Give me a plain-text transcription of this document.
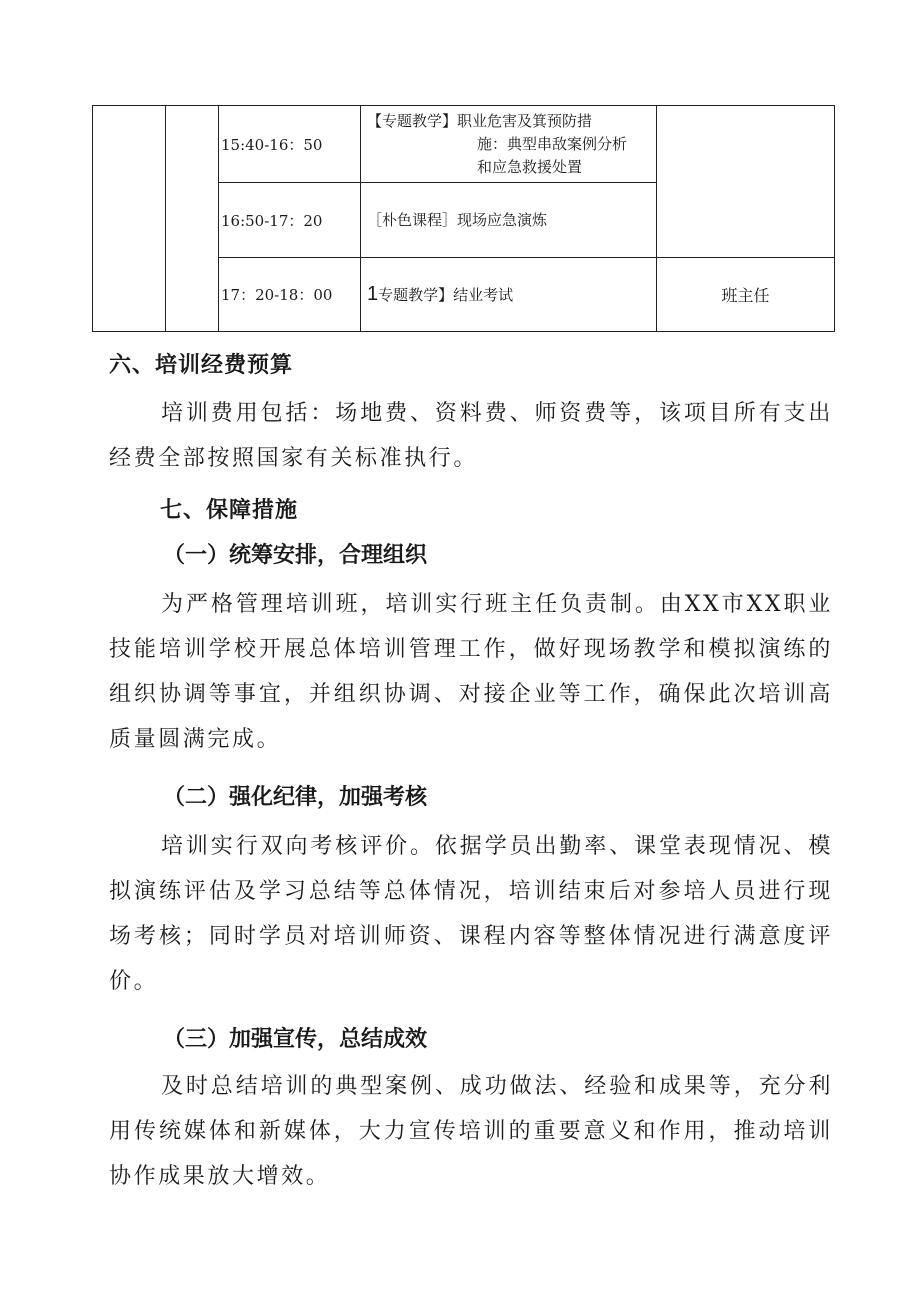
		15:40-16：50	【专题教学】职业危害及箕预防措
施：典型串敌案例分析
和应急救援处置	

		16:50-17：20	［朴色课程］现场应急演炼	
		17：20-18：00	1专题教学】结业考试	班主任
六、培训经费预算
培训费用包括：场地费、资料费、师资费等，该项目所有支出经费全部按照国家有关标准执行。
七、保障措施
（一）统筹安排，合理组织
为严格管理培训班，培训实行班主任负责制。由XX市XX职业技能培训学校开展总体培训管理工作，做好现场教学和模拟演练的组织协调等事宜，并组织协调、对接企业等工作，确保此次培训高质量圆满完成。
（二）强化纪律，加强考核
培训实行双向考核评价。依据学员出勤率、课堂表现情况、模拟演练评估及学习总结等总体情况，培训结束后对参培人员进行现场考核；同时学员对培训师资、课程内容等整体情况进行满意度评价。
（三）加强宣传，总结成效
及时总结培训的典型案例、成功做法、经验和成果等，充分利用传统媒体和新媒体，大力宣传培训的重要意义和作用，推动培训协作成果放大增效。
